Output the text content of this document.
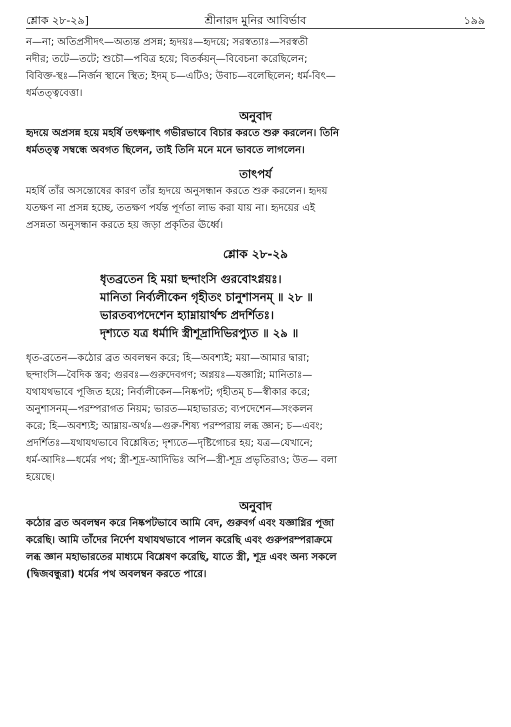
শ্লোক ২৮-২৯]	শ্রীনারদ মুনির আবির্ভাব	১৯৯
ন—না; অতিপ্রসীদৎ—অত্যন্ত প্রসন্ন; হৃদয়ঃ—হৃদয়ে; সরস্বত্যাঃ—সরস্বতী
নদীর; তটে—তটে; শুচৌ—পবিত্র হয়ে; বিতর্কয়ন্—বিবেচনা করেছিলেন;
বিবিক্ত-স্থঃ—নির্জন স্থানে স্থিত; ইদম্ চ—এটিও; উবাচ—বলেছিলেন; ধর্ম-বিৎ—
ধর্মতত্ত্ববেত্তা।
অনুবাদ
হৃদয়ে অপ্রসন্ন হয়ে মহর্ষি তৎক্ষণাৎ গভীরভাবে বিচার করতে শুরু করলেন। তিনি
ধর্মতত্ত্ব সম্বন্ধে অবগত ছিলেন, তাই তিনি মনে মনে ভাবতে লাগলেন।
তাৎপর্য
মহর্ষি তাঁর অসন্তোষের কারণ তাঁর হৃদয়ে অনুসন্ধান করতে শুরু করলেন। হৃদয়
যতক্ষণ না প্রসন্ন হচ্ছে, ততক্ষণ পর্যন্ত পূর্ণতা লাভ করা যায় না। হৃদয়ের এই
প্রসন্নতা অনুসন্ধান করতে হয় জড়া প্রকৃতির ঊর্ধ্বে।
শ্লোক ২৮-২৯
ধৃতব্রতেন হি ময়া ছন্দাংসি গুরবোঽগ্নয়ঃ।
মানিতা নির্ব্যলীকেন গৃহীতং চানুশাসনম্ ॥ ২৮ ॥
ভারতব্যপদেশেন হ্যাম্নায়ার্থশ্চ প্রদর্শিতঃ।
দৃশ্যতে যত্র ধর্মাদি স্ত্রীশূদ্রাদিভিরপ্যুত ॥ ২৯ ॥
ধৃত-ব্রতেন—কঠোর ব্রত অবলম্বন করে; হি—অবশ্যই; ময়া—আমার দ্বারা;
ছন্দাংসি—বৈদিক স্তব; গুরবঃ—গুরুদেবগণ; অগ্নয়ঃ—যজ্ঞাগ্নি; মানিতাঃ—
যথাযথভাবে পূজিত হয়ে; নির্ব্যলীকেন—নিষ্কপট; গৃহীতম্ চ—স্বীকার করে;
অনুশাসনম্—পরম্পরাগত নিয়ম; ভারত—মহাভারত; ব্যপদেশেন—সংকলন
করে; হি—অবশ্যই; আম্নায়-অর্থঃ—গুরু-শিষ্য পরম্পরায় লব্ধ জ্ঞান; চ—এবং;
প্রদর্শিতঃ—যথাযথভাবে বিশ্লেষিত; দৃশ্যতে—দৃষ্টিগোচর হয়; যত্র—যেখানে;
ধর্ম-আদিঃ—ধর্মের পথ; স্ত্রী-শূদ্র-আদিভিঃ অপি—স্ত্রী-শূদ্র প্রভৃতিরাও; উত— বলা
হয়েছে।
অনুবাদ
কঠোর ব্রত অবলম্বন করে নিষ্কপটভাবে আমি বেদ, গুরুবর্গ এবং যজ্ঞাগ্নির পূজা
করেছি। আমি তাঁদের নির্দেশ যথাযথভাবে পালন করেছি এবং গুরুপরম্পরাক্রমে
লব্ধ জ্ঞান মহাভারতের মাধ্যমে বিশ্লেষণ করেছি, যাতে স্ত্রী, শূদ্র এবং অন্য সকলে
(দ্বিজবন্ধুরা) ধর্মের পথ অবলম্বন করতে পারে।
